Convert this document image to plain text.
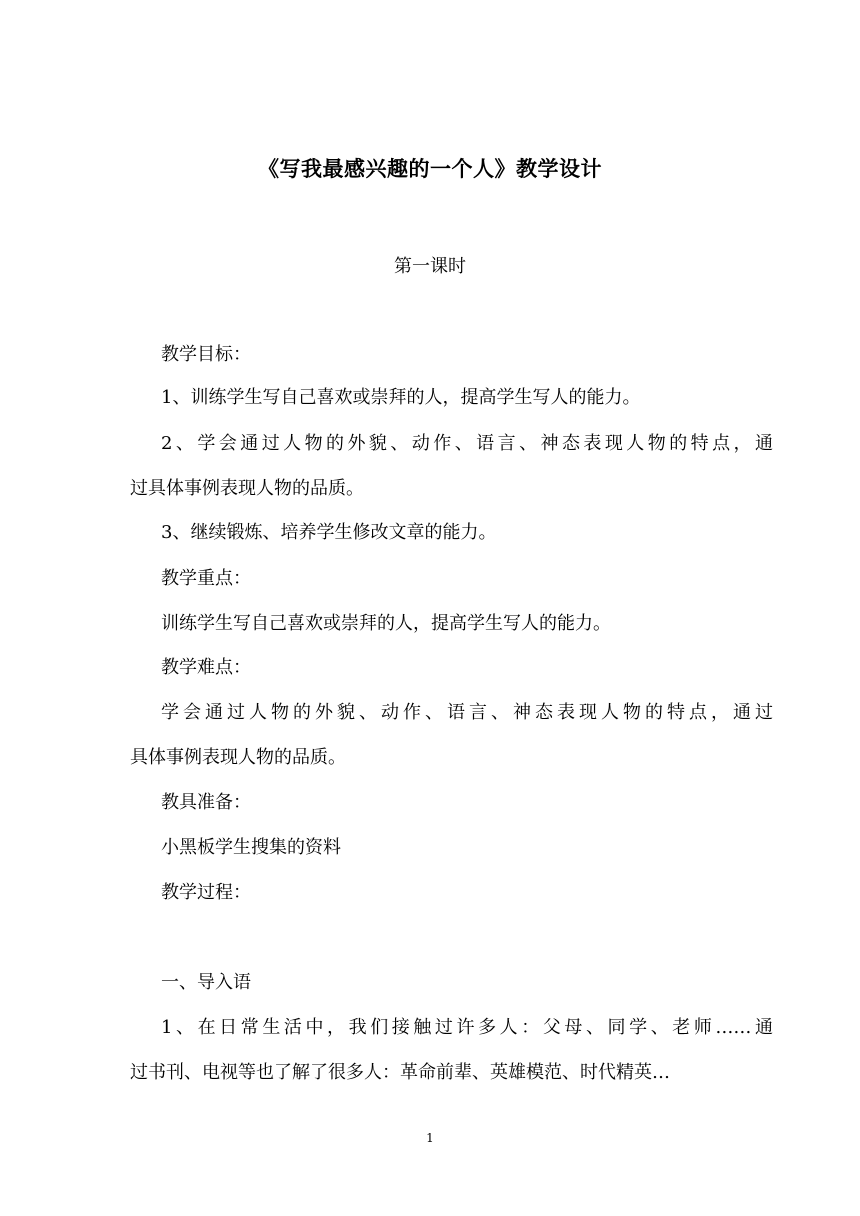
《写我最感兴趣的一个人》教学设计
第一课时
教学目标：
1、训练学生写自己喜欢或崇拜的人，提高学生写人的能力。
2、学会通过人物的外貌、动作、语言、神态表现人物的特点，通
过具体事例表现人物的品质。
3、继续锻炼、培养学生修改文章的能力。
教学重点：
训练学生写自己喜欢或崇拜的人，提高学生写人的能力。
教学难点：
学会通过人物的外貌、动作、语言、神态表现人物的特点，通过
具体事例表现人物的品质。
教具准备：
小黑板学生搜集的资料
教学过程：
一、导入语
1、在日常生活中，我们接触过许多人：父母、同学、老师……通
过书刊、电视等也了解了很多人：革命前辈、英雄模范、时代精英…
1
